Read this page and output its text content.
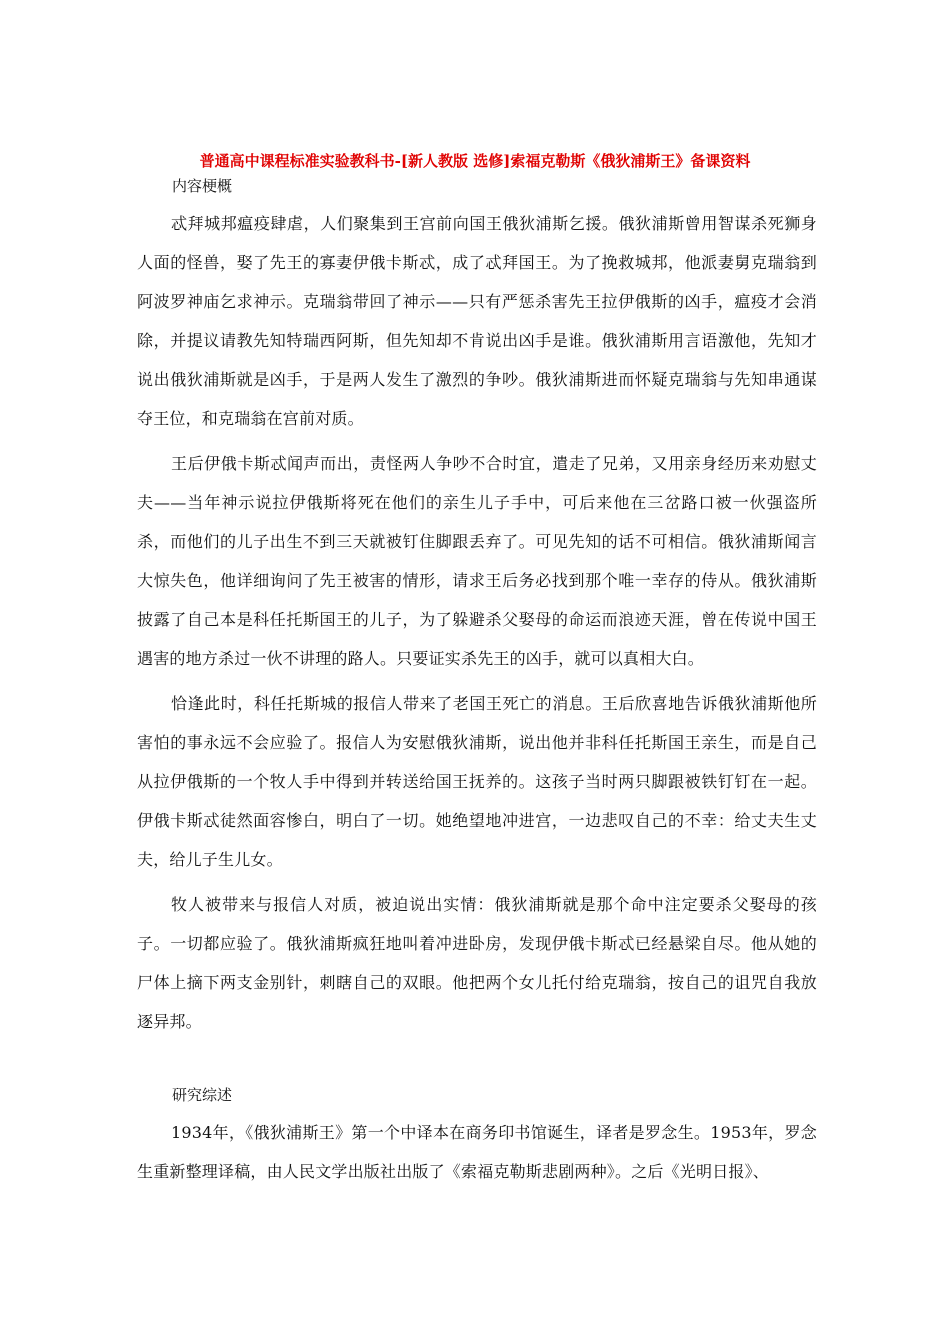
普通高中课程标准实验教科书-[新人教版 选修]索福克勒斯《俄狄浦斯王》备课资料
内容梗概

忒拜城邦瘟疫肆虐，人们聚集到王宫前向国王俄狄浦斯乞援。俄狄浦斯曾用智谋杀死狮身人面的怪兽，娶了先王的寡妻伊俄卡斯忒，成了忒拜国王。为了挽救城邦，他派妻舅克瑞翁到阿波罗神庙乞求神示。克瑞翁带回了神示——只有严惩杀害先王拉伊俄斯的凶手，瘟疫才会消除，并提议请教先知特瑞西阿斯，但先知却不肯说出凶手是谁。俄狄浦斯用言语激他，先知才说出俄狄浦斯就是凶手，于是两人发生了激烈的争吵。俄狄浦斯进而怀疑克瑞翁与先知串通谋夺王位，和克瑞翁在宫前对质。

王后伊俄卡斯忒闻声而出，责怪两人争吵不合时宜，遣走了兄弟，又用亲身经历来劝慰丈夫——当年神示说拉伊俄斯将死在他们的亲生儿子手中，可后来他在三岔路口被一伙强盗所杀，而他们的儿子出生不到三天就被钉住脚跟丢弃了。可见先知的话不可相信。俄狄浦斯闻言大惊失色，他详细询问了先王被害的情形，请求王后务必找到那个唯一幸存的侍从。俄狄浦斯披露了自己本是科任托斯国王的儿子，为了躲避杀父娶母的命运而浪迹天涯，曾在传说中国王遇害的地方杀过一伙不讲理的路人。只要证实杀先王的凶手，就可以真相大白。

恰逢此时，科任托斯城的报信人带来了老国王死亡的消息。王后欣喜地告诉俄狄浦斯他所害怕的事永远不会应验了。报信人为安慰俄狄浦斯，说出他并非科任托斯国王亲生，而是自己从拉伊俄斯的一个牧人手中得到并转送给国王抚养的。这孩子当时两只脚跟被铁钉钉在一起。伊俄卡斯忒徒然面容惨白，明白了一切。她绝望地冲进宫，一边悲叹自己的不幸：给丈夫生丈夫，给儿子生儿女。

牧人被带来与报信人对质，被迫说出实情：俄狄浦斯就是那个命中注定要杀父娶母的孩子。一切都应验了。俄狄浦斯疯狂地叫着冲进卧房，发现伊俄卡斯忒已经悬梁自尽。他从她的尸体上摘下两支金别针，刺瞎自己的双眼。他把两个女儿托付给克瑞翁，按自己的诅咒自我放逐异邦。

研究综述

1934年，《俄狄浦斯王》第一个中译本在商务印书馆诞生，译者是罗念生。1953年，罗念生重新整理译稿，由人民文学出版社出版了《索福克勒斯悲剧两种》。之后《光明日报》、
